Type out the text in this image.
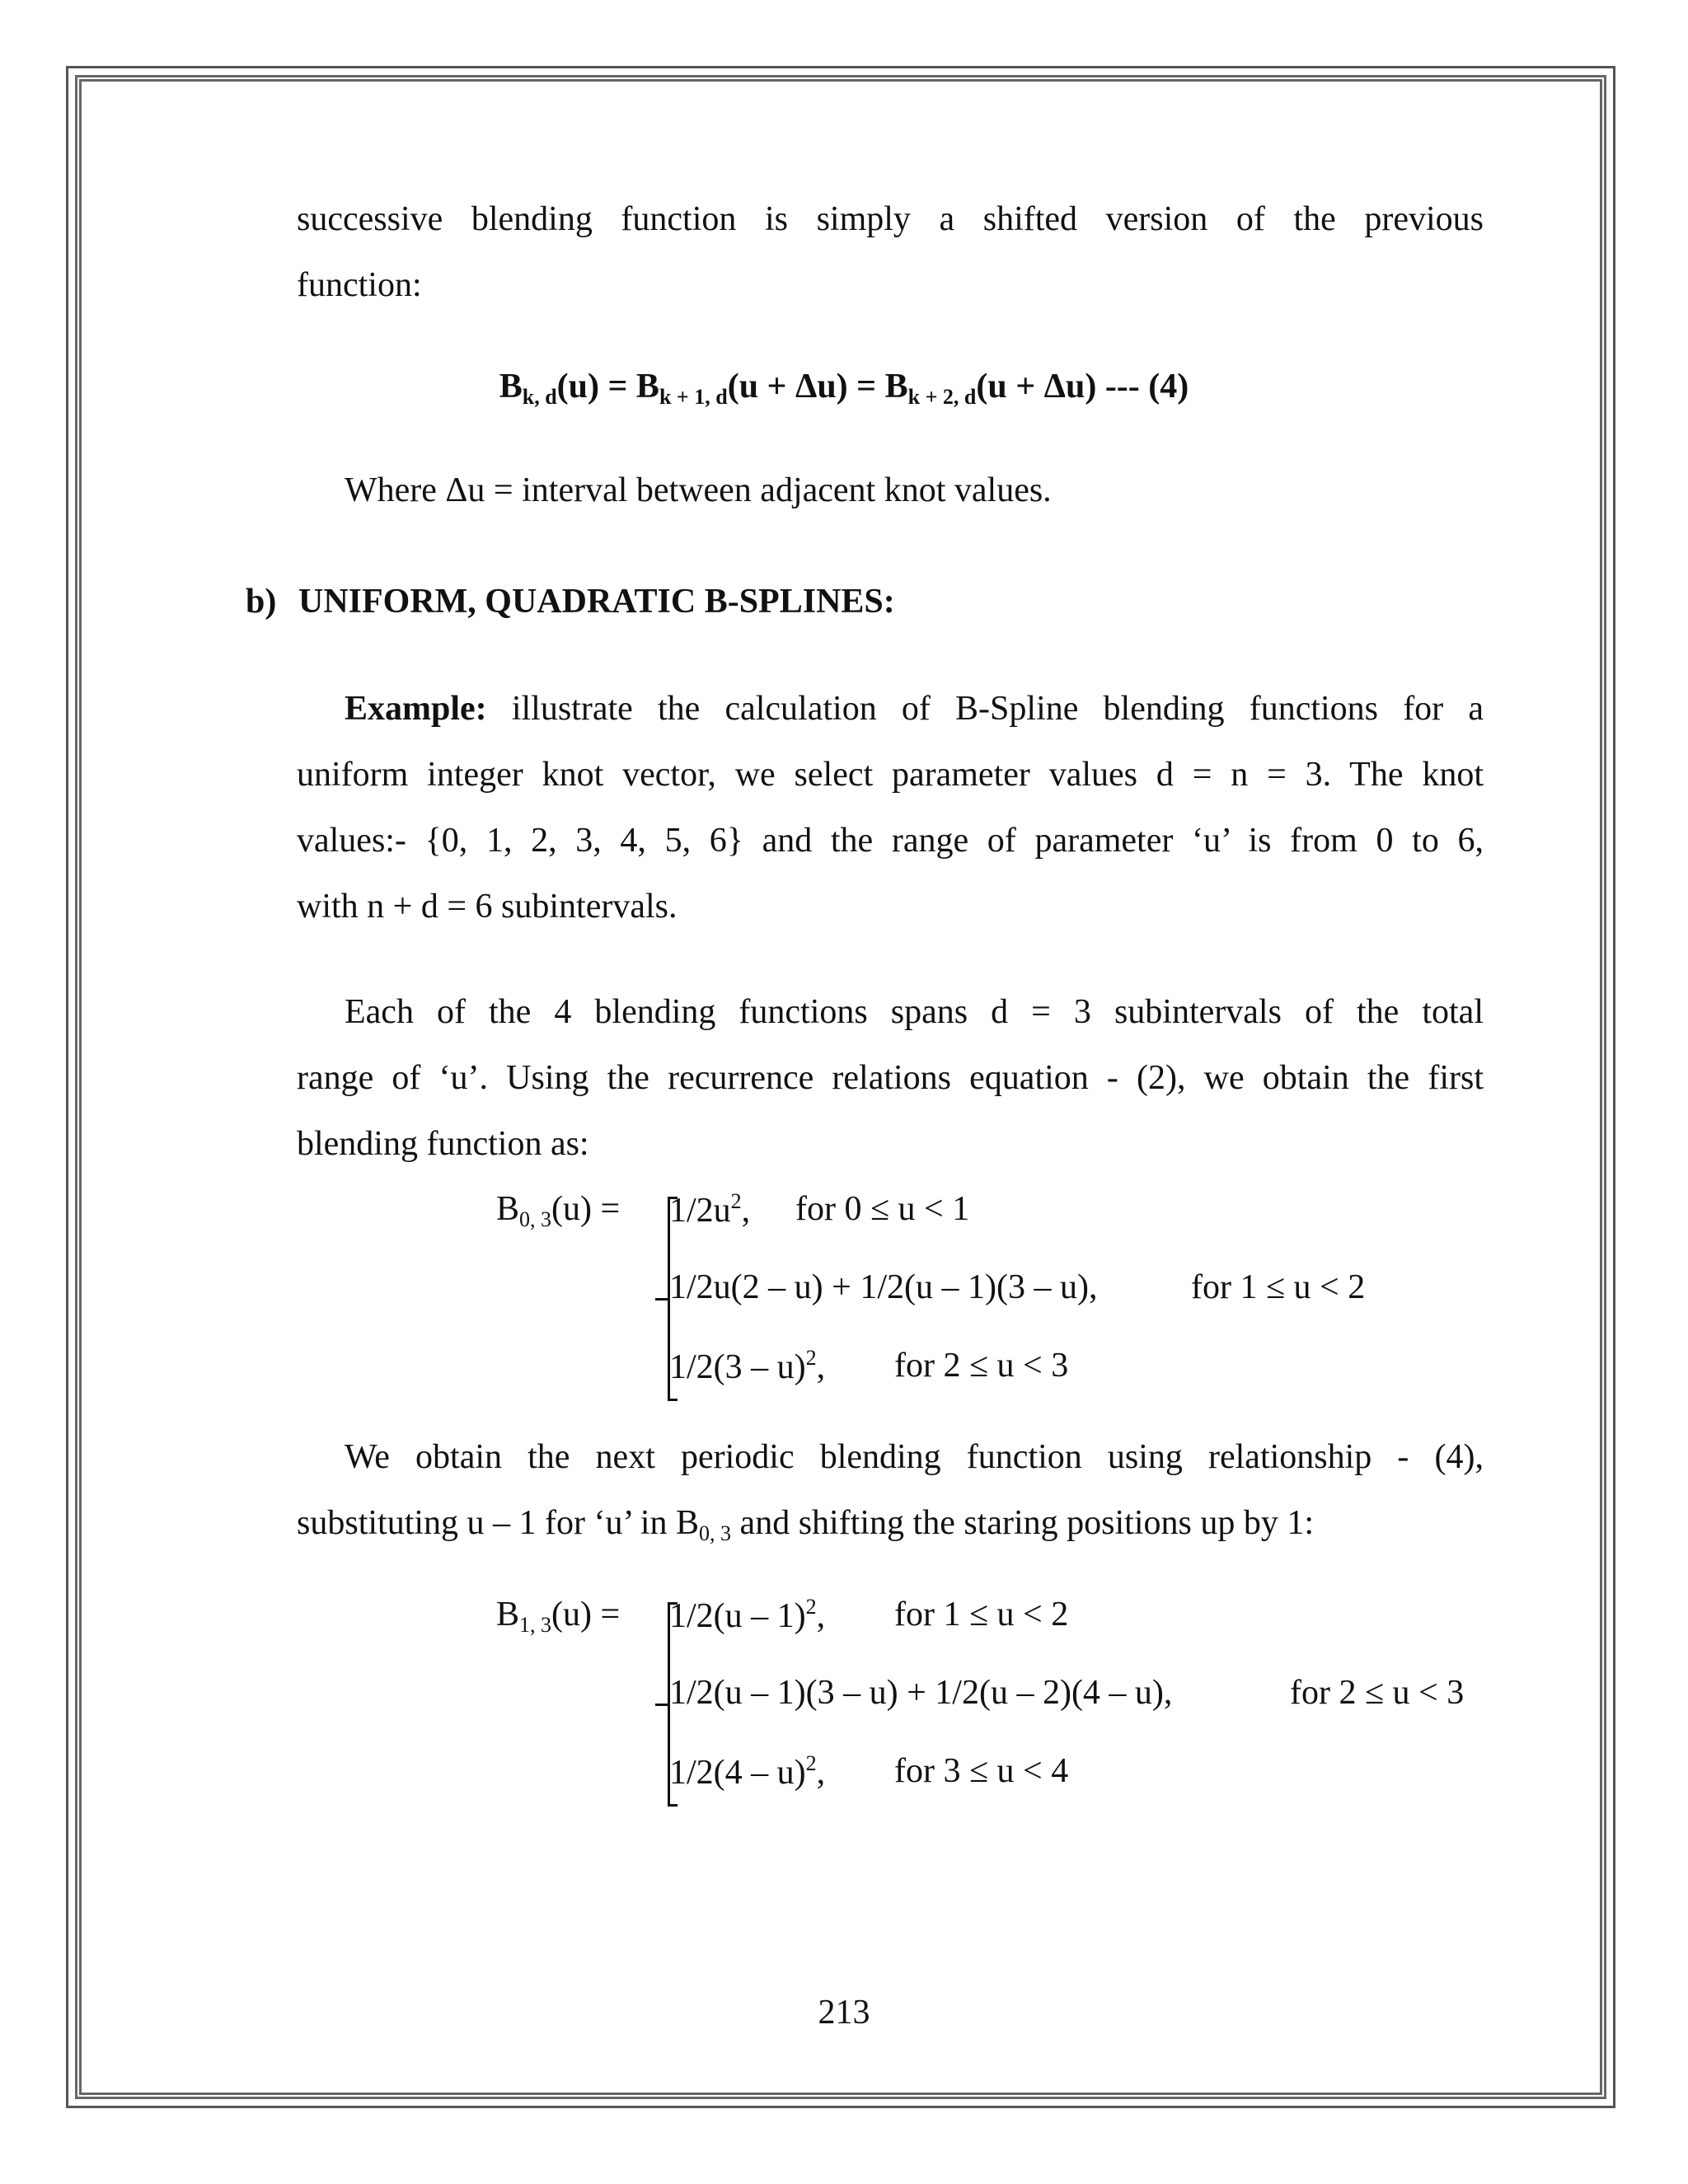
successive blending function is simply a shifted version of the previous
function:
$B_{k, d}(u) = B_{k + 1, d}(u + \Delta u) = B_{k + 2, d}(u + \Delta u)$ --- (4)
Where Δu = interval between adjacent knot values.
b) UNIFORM, QUADRATIC B-SPLINES:
Example: illustrate the calculation of B-Spline blending functions for a
uniform integer knot vector, we select parameter values d = n = 3. The knot
values:- {0, 1, 2, 3, 4, 5, 6} and the range of parameter ‘u’ is from 0 to 6,
with n + d = 6 subintervals.
Each of the 4 blending functions spans d = 3 subintervals of the total
range of ‘u’. Using the recurrence relations equation - (2), we obtain the first
blending function as:
$B_{0, 3}(u) = 1/2u^2$, for 0 ≤ u < 1
1/2u(2 – u) + 1/2(u – 1)(3 – u),	for 1 ≤ u < 2
1/2(3 – u)$^2$, for 2 ≤ u < 3
We obtain the next periodic blending function using relationship - (4),
substituting u – 1 for ‘u’ in $B_{0, 3}$ and shifting the staring positions up by 1:
$B_{1, 3}(u) = 1/2(u - 1)^2$, for 1 ≤ u < 2
1/2(u – 1)(3 – u) + 1/2(u – 2)(4 – u),	for 2 ≤ u < 3
1/2(4 – u)$^2$, for 3 ≤ u < 4
213
